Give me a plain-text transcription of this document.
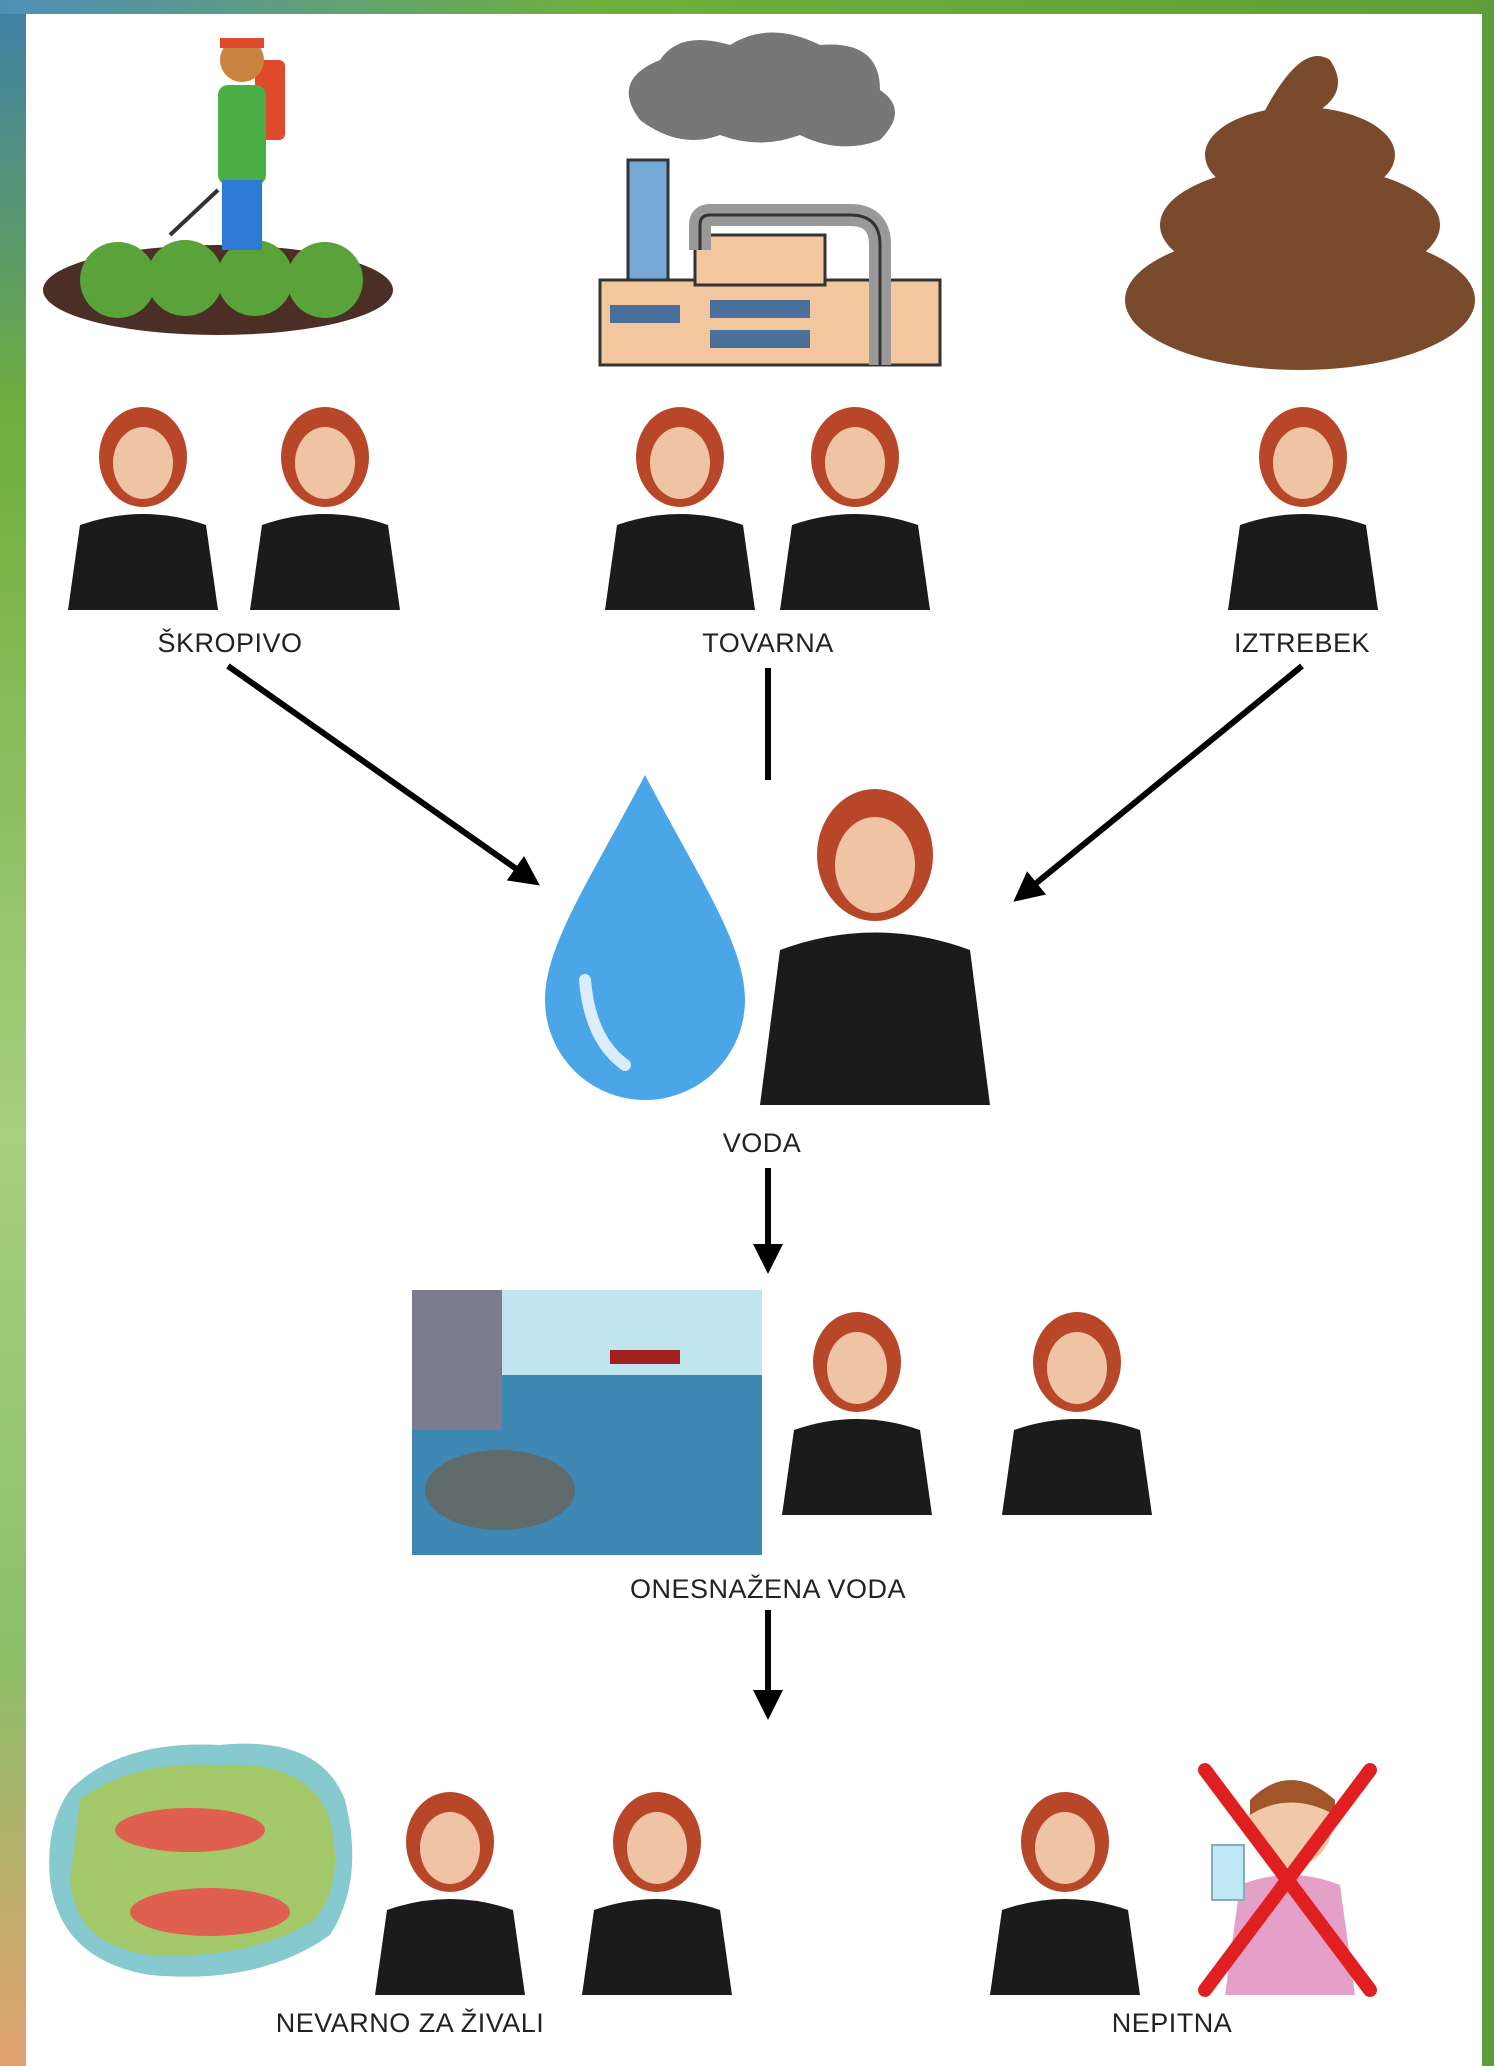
ŠKROPIVO	TOVARNA	IZTREBEK
VODA
ONESNAŽENA VODA
NEVARNO ZA ŽIVALI	NEPITNA
